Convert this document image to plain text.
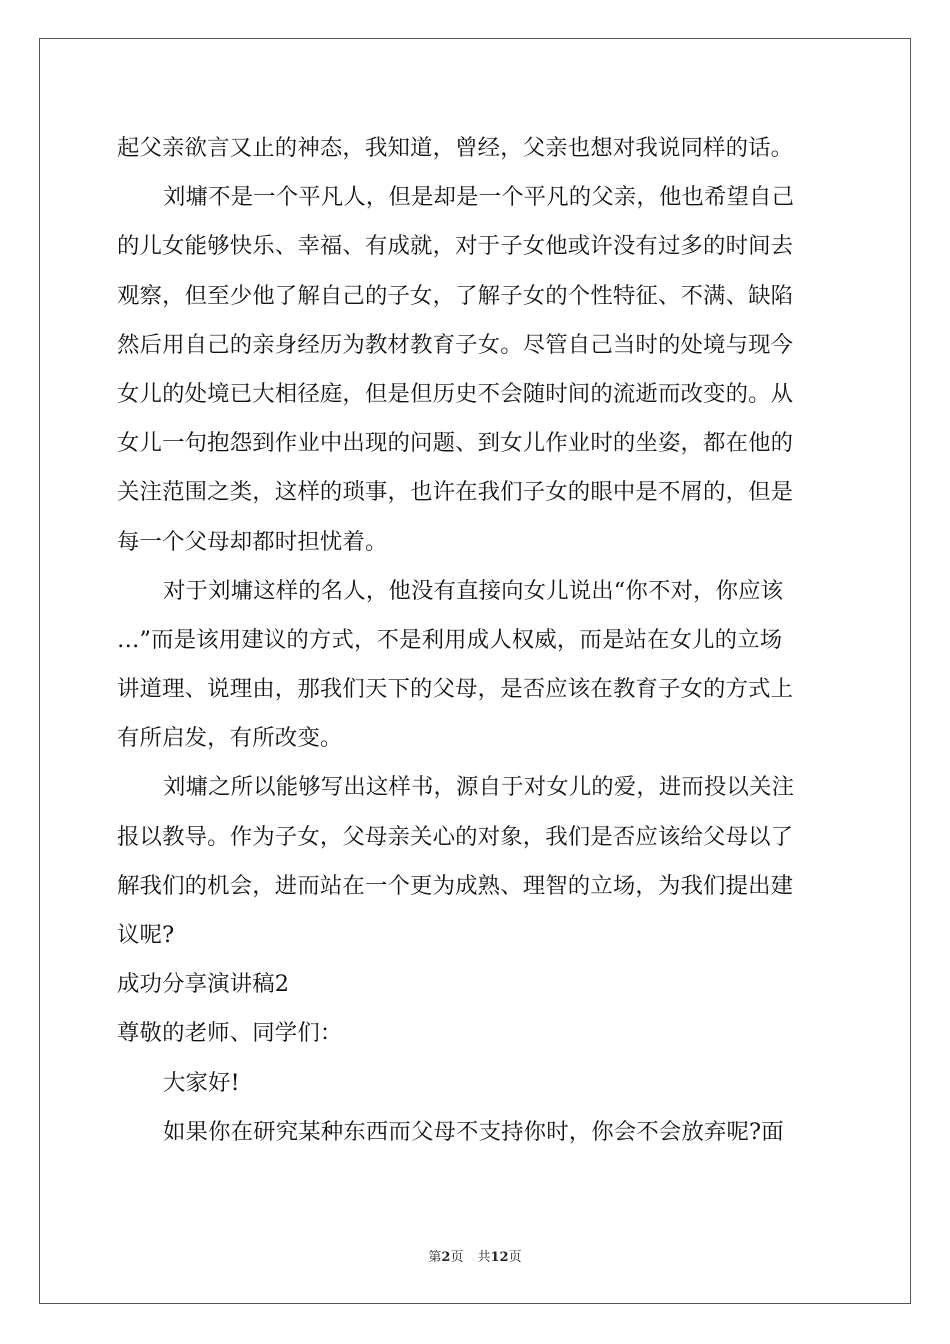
起父亲欲言又止的神态，我知道，曾经，父亲也想对我说同样的话。
刘墉不是一个平凡人，但是却是一个平凡的父亲，他也希望自己
的儿女能够快乐、幸福、有成就，对于子女他或许没有过多的时间去
观察，但至少他了解自己的子女，了解子女的个性特征、不满、缺陷
然后用自己的亲身经历为教材教育子女。尽管自己当时的处境与现今
女儿的处境已大相径庭，但是但历史不会随时间的流逝而改变的。从
女儿一句抱怨到作业中出现的问题、到女儿作业时的坐姿，都在他的
关注范围之类，这样的琐事，也许在我们子女的眼中是不屑的，但是
每一个父母却都时担忧着。
对于刘墉这样的名人，他没有直接向女儿说出“你不对，你应该
…”而是该用建议的方式，不是利用成人权威，而是站在女儿的立场
讲道理、说理由，那我们天下的父母，是否应该在教育子女的方式上
有所启发，有所改变。
刘墉之所以能够写出这样书，源自于对女儿的爱，进而投以关注
报以教导。作为子女，父母亲关心的对象，我们是否应该给父母以了
解我们的机会，进而站在一个更为成熟、理智的立场，为我们提出建
议呢?
成功分享演讲稿2
尊敬的老师、同学们：
大家好!
如果你在研究某种东西而父母不支持你时，你会不会放弃呢?面
第2页 共12页
